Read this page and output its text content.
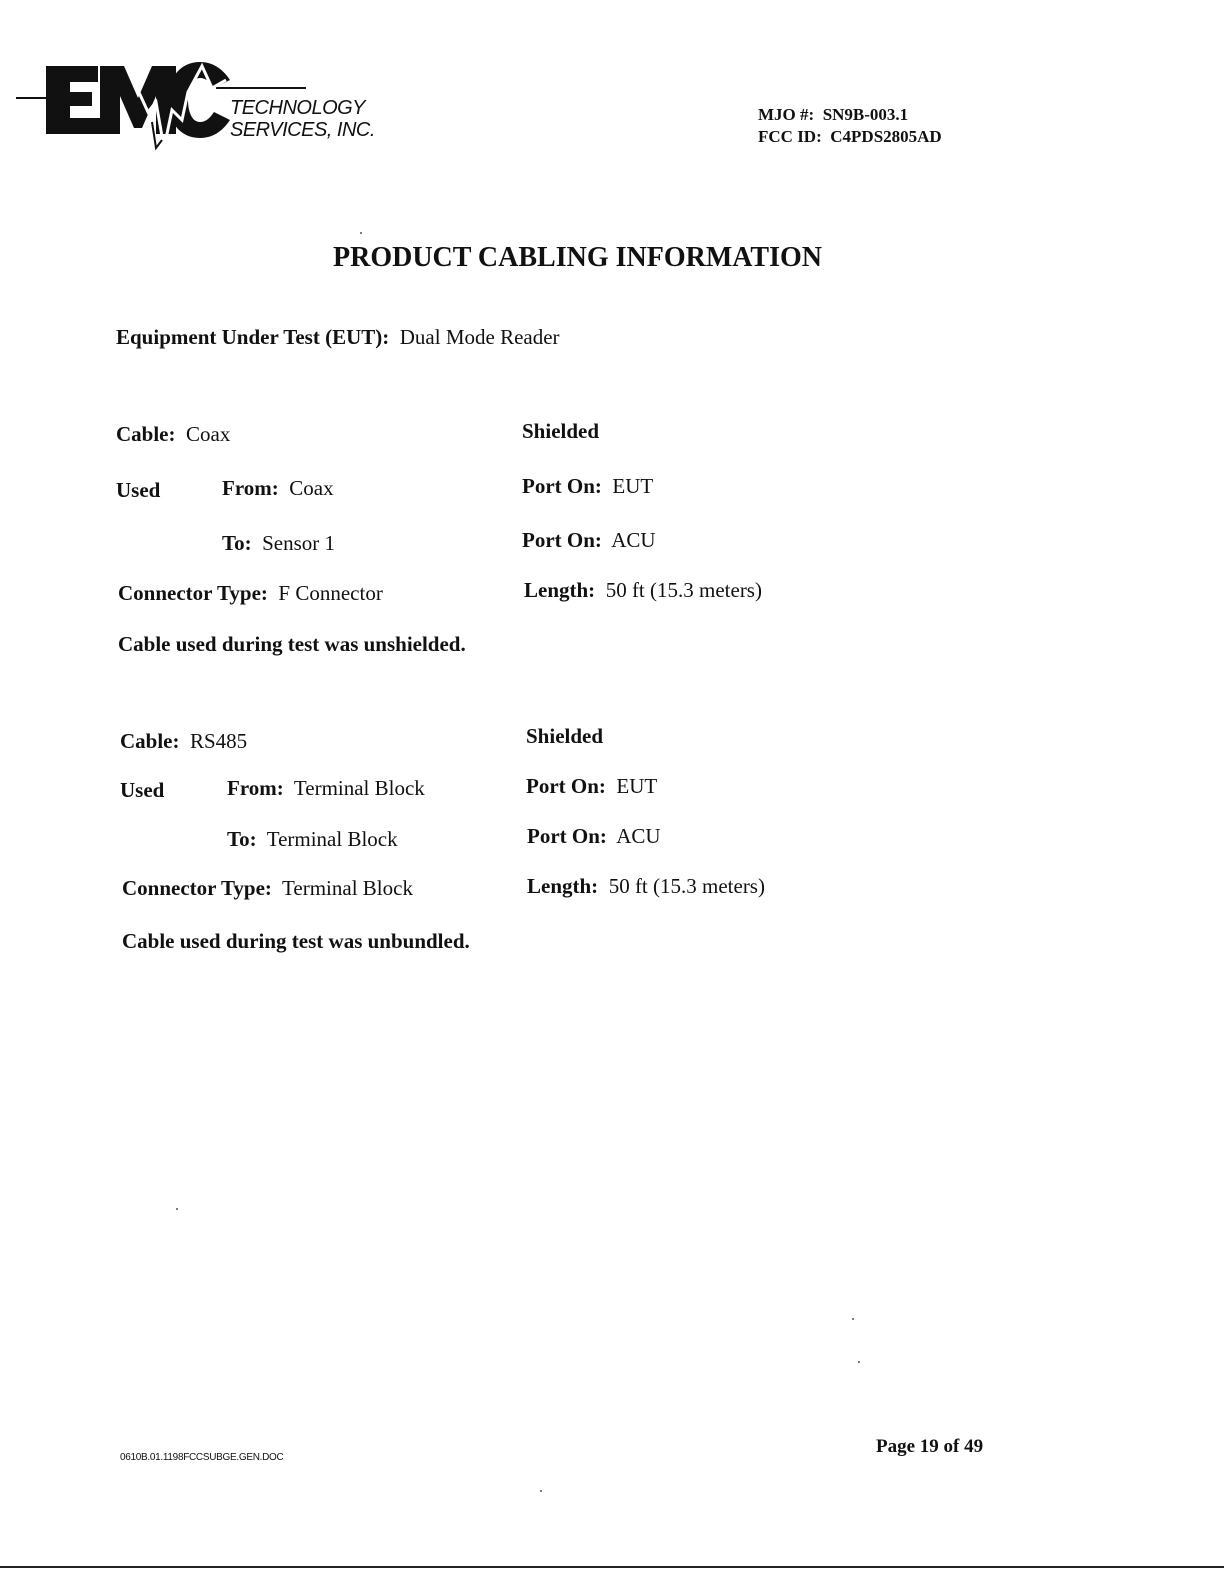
TECHNOLOGY
SERVICES, INC.
MJO #: SN9B-003.1
FCC ID: C4PDS2805AD
PRODUCT CABLING INFORMATION
Equipment Under Test (EUT): Dual Mode Reader
Cable: Coax	Shielded
Used	From: Coax	Port On: EUT
To: Sensor 1	Port On: ACU
Connector Type: F Connector	Length: 50 ft (15.3 meters)
Cable used during test was unshielded.
Cable: RS485	Shielded
Used	From: Terminal Block	Port On: EUT
To: Terminal Block	Port On: ACU
Connector Type: Terminal Block	Length: 50 ft (15.3 meters)
Cable used during test was unbundled.
0610B.01.1198FCCSUBGE.GEN.DOC
Page 19 of 49
